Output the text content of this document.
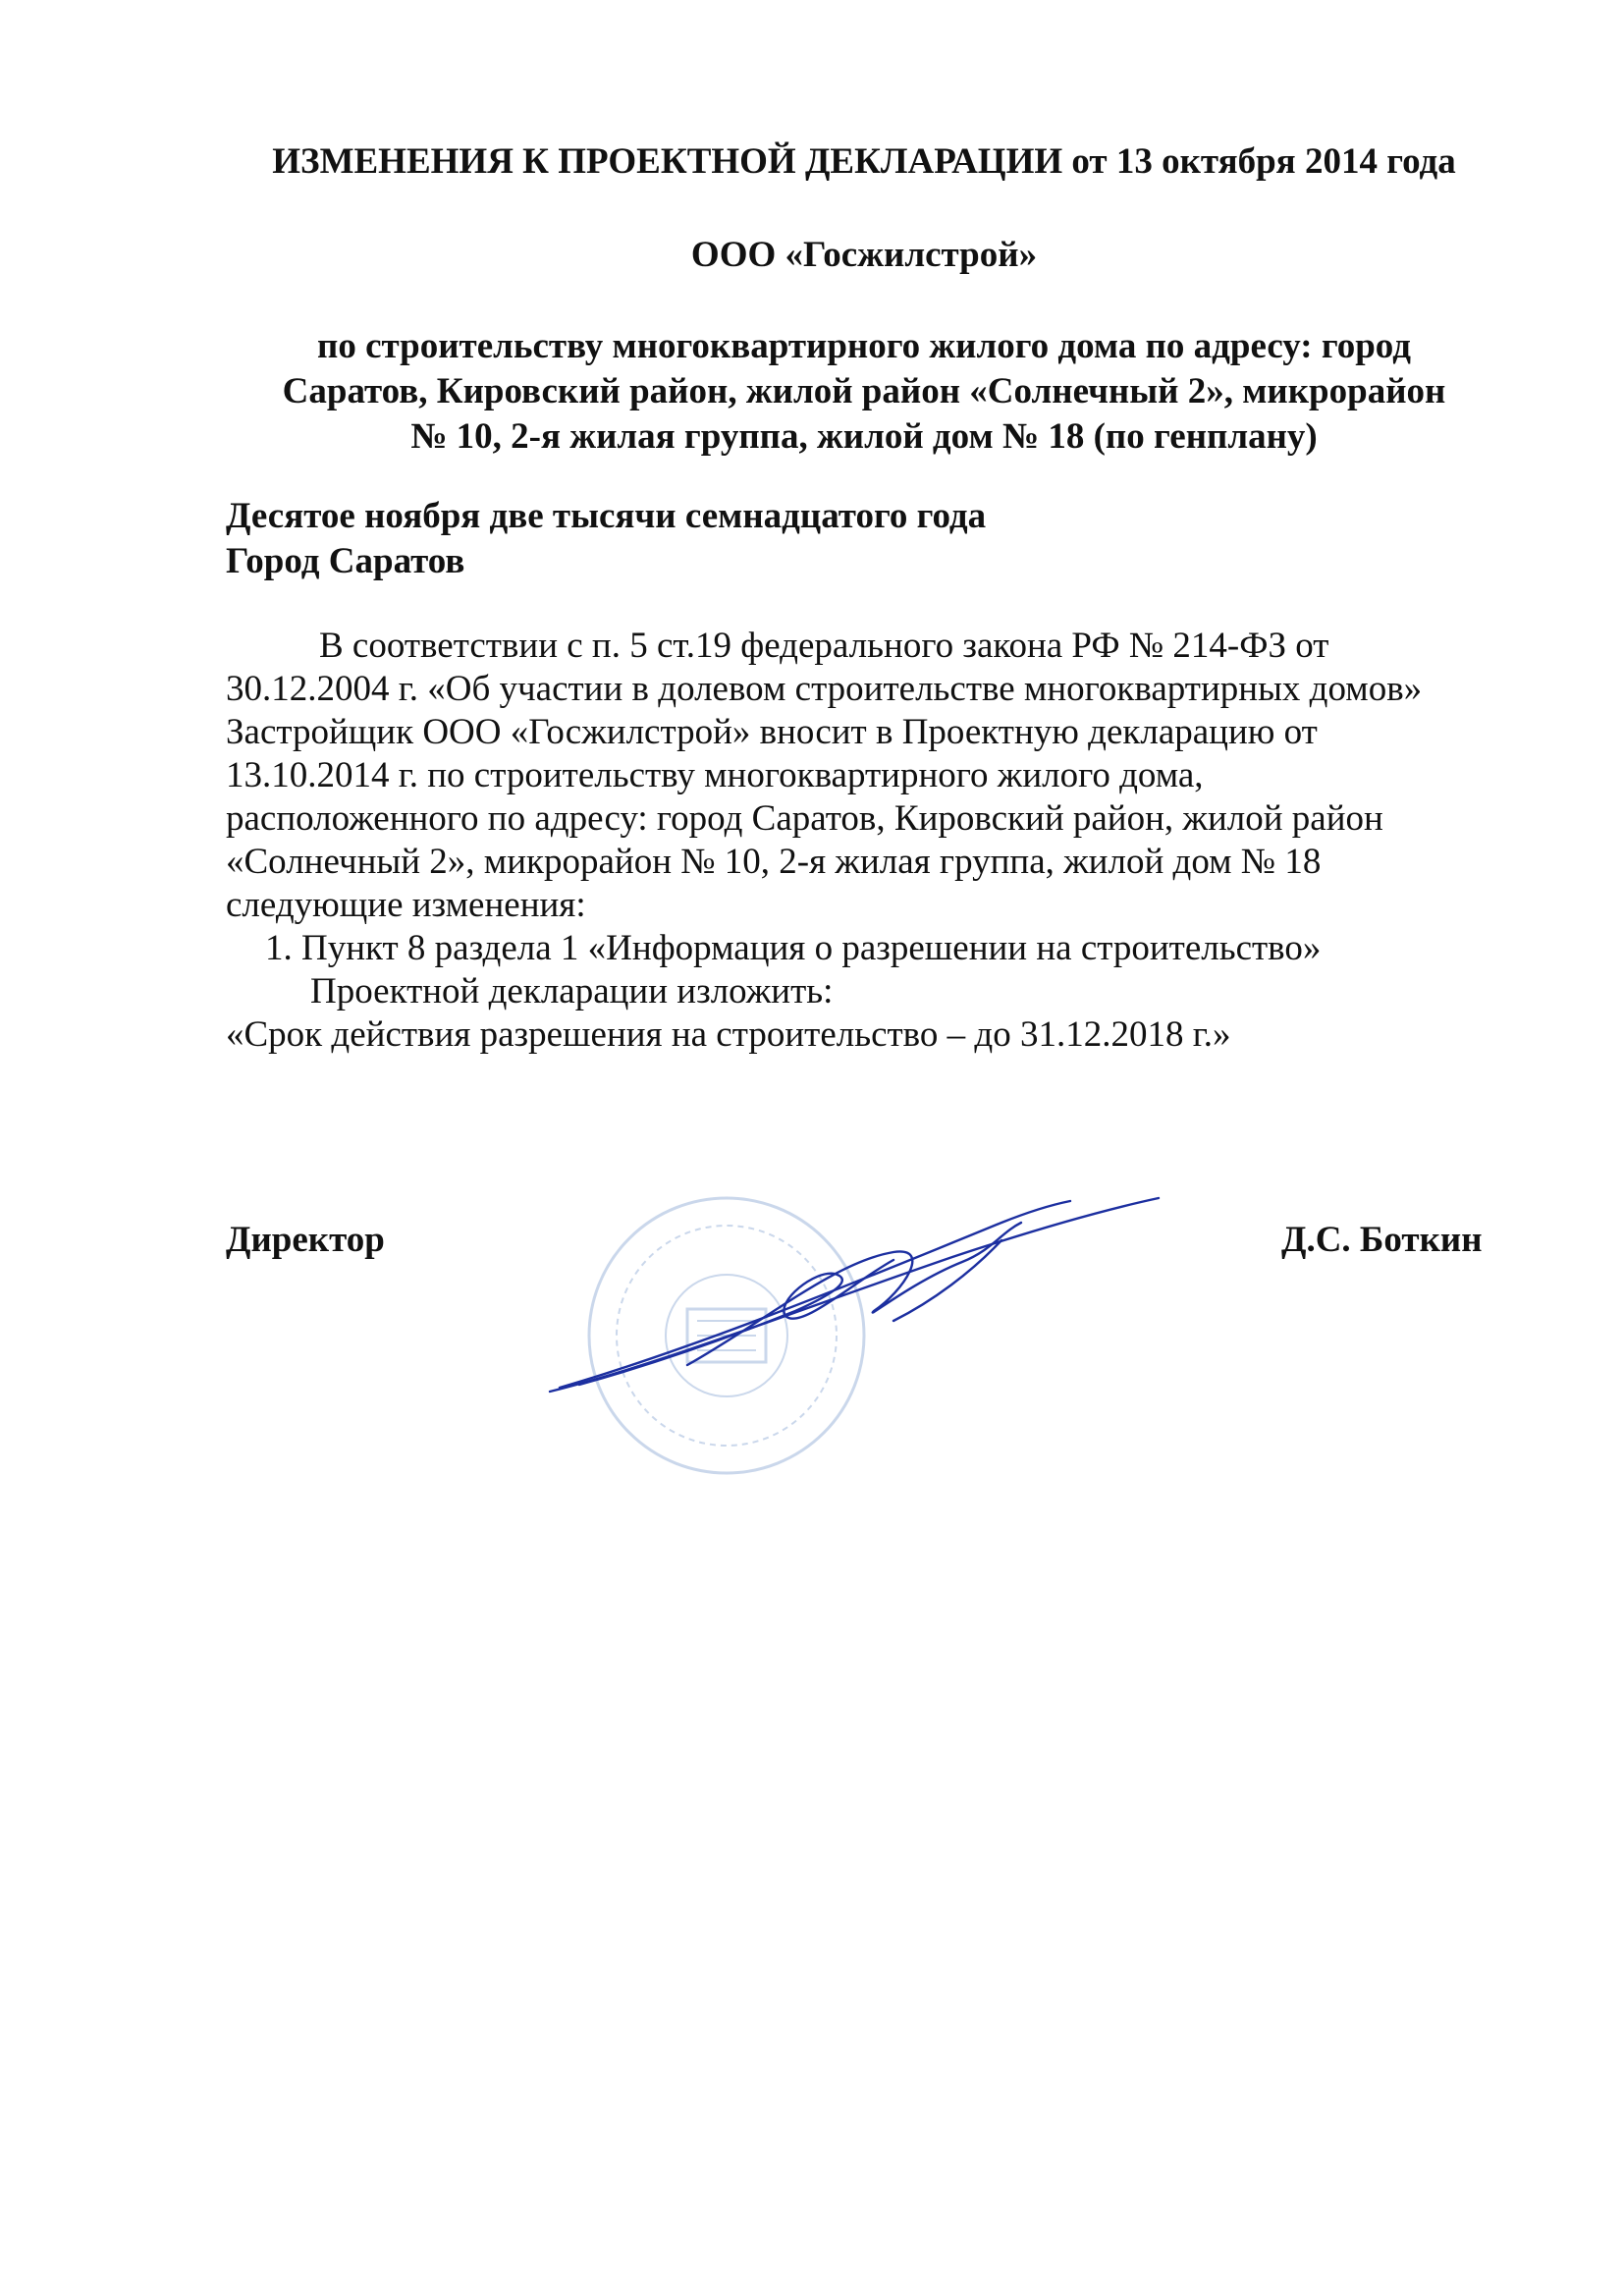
ИЗМЕНЕНИЯ К ПРОЕКТНОЙ ДЕКЛАРАЦИИ от 13 октября 2014 года
ООО «Госжилстрой»
по строительству многоквартирного жилого дома по адресу: город
Саратов, Кировский район, жилой район «Солнечный 2», микрорайон
№ 10, 2-я жилая группа, жилой дом № 18 (по генплану)
Десятое ноября две тысячи семнадцатого года
Город Саратов
В соответствии с п. 5 ст.19 федерального закона РФ № 214-ФЗ от
30.12.2004 г. «Об участии в долевом строительстве многоквартирных домов»
Застройщик ООО «Госжилстрой» вносит в Проектную декларацию от
13.10.2014 г. по строительству многоквартирного жилого дома,
расположенного по адресу: город Саратов, Кировский район, жилой район
«Солнечный 2», микрорайон № 10, 2-я жилая группа, жилой дом № 18
следующие изменения:
1. Пункт 8 раздела 1 «Информация о разрешении на строительство»
Проектной декларации изложить:
«Срок действия разрешения на строительство – до 31.12.2018 г.»
Директор	Д.С. Боткин
